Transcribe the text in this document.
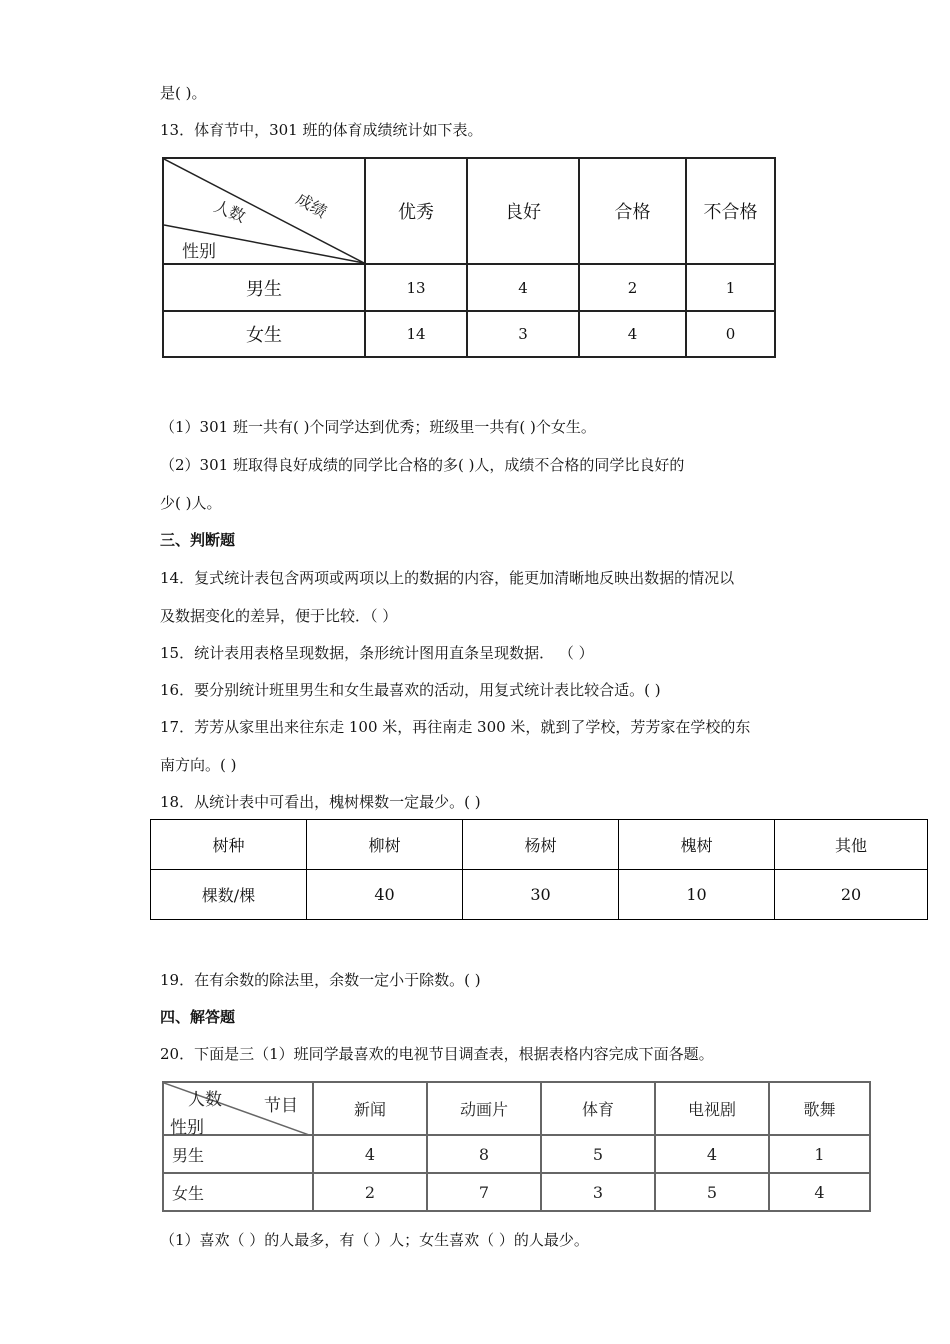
是( )。
13．体育节中，301 班的体育成绩统计如下表。
成绩
人数
性别	优秀	良好	合格	不合格
男生	13	4	2	1
女生	14	3	4	0
（1）301 班一共有( )个同学达到优秀；班级里一共有( )个女生。
（2）301 班取得良好成绩的同学比合格的多( )人，成绩不合格的同学比良好的
少( )人。
三、判断题
14．复式统计表包含两项或两项以上的数据的内容，能更加清晰地反映出数据的情况以
及数据变化的差异，便于比较．（ ）
15．统计表用表格呈现数据，条形统计图用直条呈现数据． （ ）
16．要分别统计班里男生和女生最喜欢的活动，用复式统计表比较合适。( )
17．芳芳从家里出来往东走 100 米，再往南走 300 米，就到了学校，芳芳家在学校的东
南方向。( )
18．从统计表中可看出，槐树棵数一定最少。( )
树种	柳树	杨树	槐树	其他
棵数/棵	40	30	10	20
19．在有余数的除法里，余数一定小于除数。( )
四、解答题
20．下面是三（1）班同学最喜欢的电视节目调查表，根据表格内容完成下面各题。
人数 节目
性别	新闻	动画片	体育	电视剧	歌舞
男生	4	8	5	4	1
女生	2	7	3	5	4
（1）喜欢（ ）的人最多，有（ ）人；女生喜欢（ ）的人最少。
